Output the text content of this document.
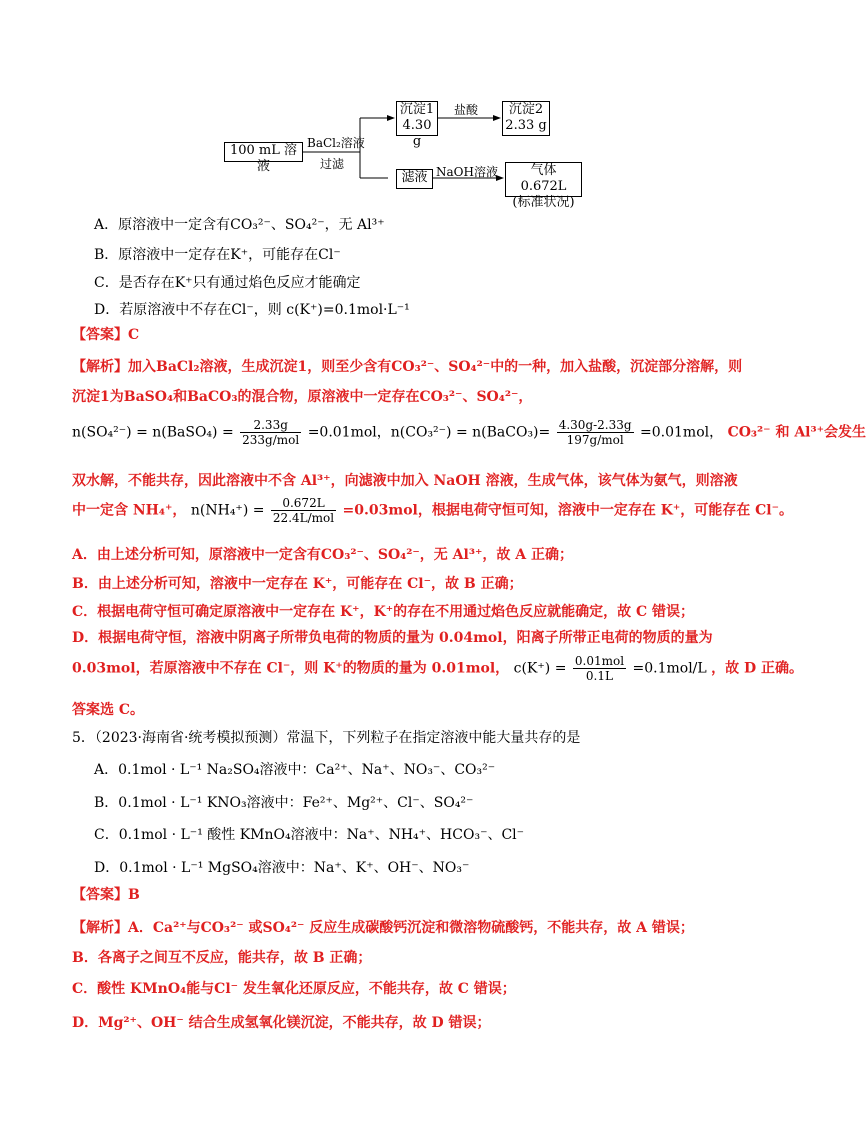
100 mL 溶液
BaCl₂溶液
过滤
沉淀1
4.30 g
盐酸	沉淀2
2.33 g
滤液 NaOH溶液	气体 0.672L
(标准状况)
A．原溶液中一定含有CO₃²⁻、SO₄²⁻，无 Al³⁺
B．原溶液中一定存在K⁺，可能存在Cl⁻
C．是否存在K⁺只有通过焰色反应才能确定
D．若原溶液中不存在Cl⁻，则 c(K⁺)=0.1mol·L⁻¹
【答案】C
【解析】加入BaCl₂溶液，生成沉淀1，则至少含有CO₃²⁻、SO₄²⁻中的一种，加入盐酸，沉淀部分溶解，则
沉淀1为BaSO₄和BaCO₃的混合物，原溶液中一定存在CO₃²⁻、SO₄²⁻，
n(SO₄²⁻) = n(BaSO₄) = $\frac{2.33g}{\text{233g/mol}} =0.01mol$，n(CO₃²⁻) = n(BaCO₃)= $\frac{4.30g-2.33g}{\text{197g/mol}} =0.01mol$， CO₃²⁻ 和 Al³⁺会发生
双水解，不能共存，因此溶液中不含 Al³⁺，向滤液中加入 NaOH 溶液，生成气体，该气体为氨气，则溶液
中一定含 NH₄⁺， $n(NH_4^+) = \frac{0.672L}{\text{22.4L/mol}} =0.03mol$，根据电荷守恒可知，溶液中一定存在 K⁺，可能存在 Cl⁻。
A．由上述分析可知，原溶液中一定含有CO₃²⁻、SO₄²⁻，无 Al³⁺，故 A 正确；
B．由上述分析可知，溶液中一定存在 K⁺，可能存在 Cl⁻，故 B 正确；
C．根据电荷守恒可确定原溶液中一定存在 K⁺，K⁺的存在不用通过焰色反应就能确定，故 C 错误；
D．根据电荷守恒，溶液中阴离子所带负电荷的物质的量为 0.04mol，阳离子所带正电荷的物质的量为
0.03mol，若原溶液中不存在 Cl⁻，则 K⁺的物质的量为 0.01mol， $c(K^+) = \frac{\text{0.01mol}}{0.1L} =0.1mol/L$ ，故 D 正确。
答案选 C。
5．（2023·海南省·统考模拟预测）常温下，下列粒子在指定溶液中能大量共存的是
A．0.1mol · L⁻¹ Na₂SO₄溶液中：Ca²⁺、Na⁺、NO₃⁻、CO₃²⁻
B．0.1mol · L⁻¹ KNO₃溶液中：Fe²⁺、Mg²⁺、Cl⁻、SO₄²⁻
C．0.1mol · L⁻¹ 酸性 KMnO₄溶液中：Na⁺、NH₄⁺、HCO₃⁻、Cl⁻
D．0.1mol · L⁻¹ MgSO₄溶液中：Na⁺、K⁺、OH⁻、NO₃⁻
【答案】B
【解析】A．Ca²⁺与CO₃²⁻ 或SO₄²⁻ 反应生成碳酸钙沉淀和微溶物硫酸钙，不能共存，故 A 错误；
B．各离子之间互不反应，能共存，故 B 正确；
C．酸性 KMnO₄能与Cl⁻ 发生氧化还原反应，不能共存，故 C 错误；
D．Mg²⁺、OH⁻ 结合生成氢氧化镁沉淀，不能共存，故 D 错误；
